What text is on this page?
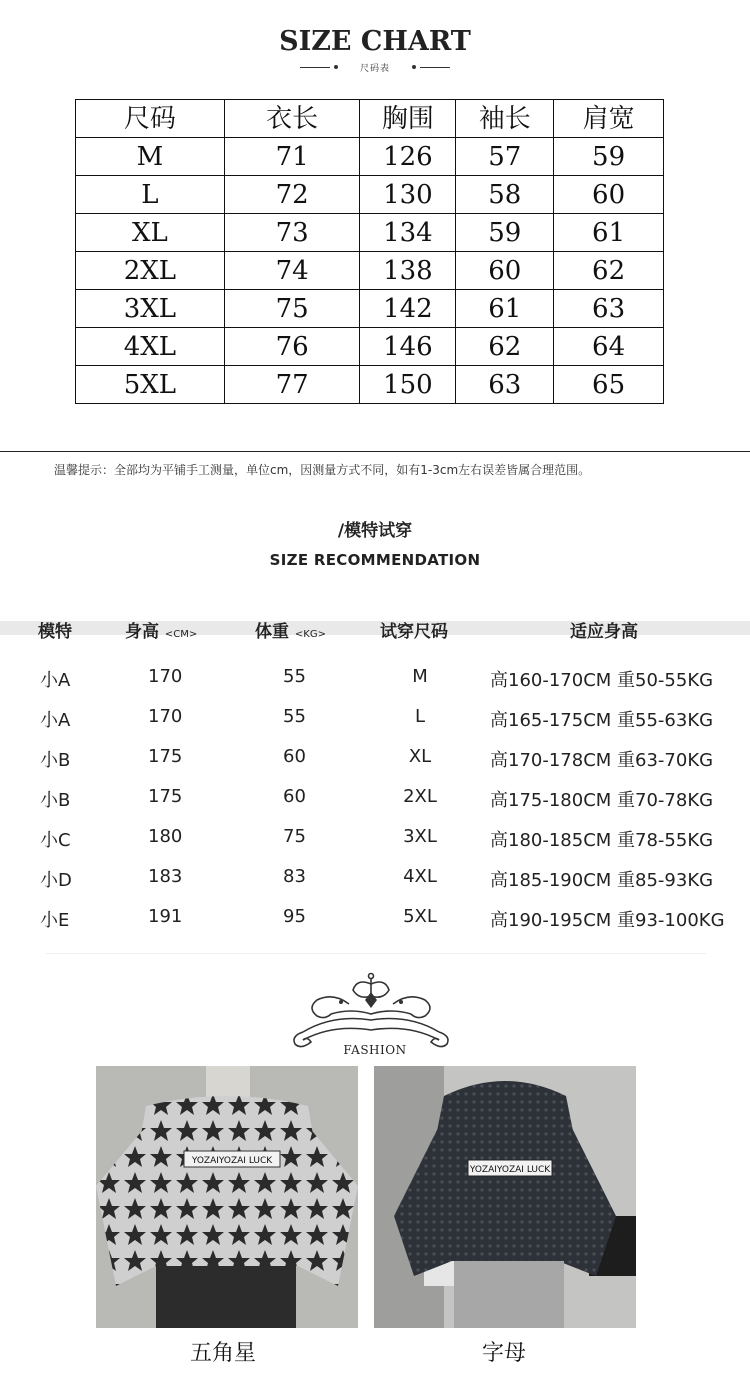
SIZE CHART
尺码表
尺码	衣长	胸围	袖长	肩宽
M	71	126	57	59
L	72	130	58	60
XL	73	134	59	61
2XL	74	138	60	62
3XL	75	142	61	63
4XL	76	146	62	64
5XL	77	150	63	65
温馨提示：全部均为平铺手工测量，单位cm，因测量方式不同，如有1-3cm左右误差皆属合理范围。
/模特试穿
SIZE RECOMMENDATION
模特	身高 <CM>	体重 <KG>	试穿尺码	适应身高
小A	170	55	M	高160-170CM 重50-55KG
小A	170	55	L	高165-175CM 重55-63KG
小B	175	60	XL	高170-178CM 重63-70KG
小B	175	60	2XL	高175-180CM 重70-78KG
小C	180	75	3XL	高180-185CM 重78-55KG
小D	183	83	4XL	高185-190CM 重85-93KG
小E	191	95	5XL	高190-195CM 重93-100KG
FASHION
YOZAIYOZAI LUCK
YOZAIYOZAI LUCK
五角星	字母
